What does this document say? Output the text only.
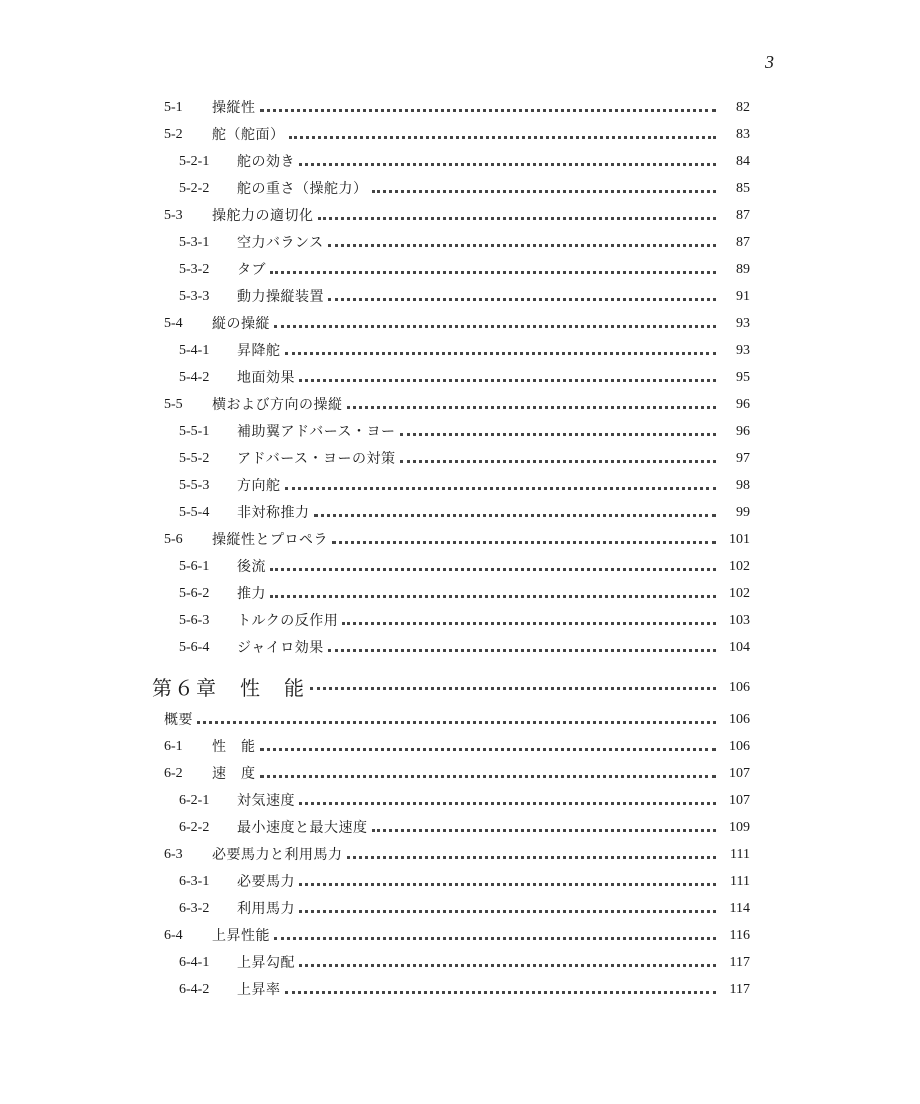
3
5-1	操縦性	82
5-2	舵（舵面）	83
5-2-1	舵の効き	84
5-2-2	舵の重さ（操舵力）	85
5-3	操舵力の適切化	87
5-3-1	空力バランス	87
5-3-2	タブ	89
5-3-3	動力操縦装置	91
5-4	縦の操縦	93
5-4-1	昇降舵	93
5-4-2	地面効果	95
5-5	横および方向の操縦	96
5-5-1	補助翼アドバース・ヨー	96
5-5-2	アドバース・ヨーの対策	97
5-5-3	方向舵	98
5-5-4	非対称推力	99
5-6	操縦性とプロペラ	101
5-6-1	後流	102
5-6-2	推力	102
5-6-3	トルクの反作用	103
5-6-4	ジャイロ効果	104
第６章　性　能	106
概要	106
6-1	性　能	106
6-2	速　度	107
6-2-1	対気速度	107
6-2-2	最小速度と最大速度	109
6-3	必要馬力と利用馬力	111
6-3-1	必要馬力	111
6-3-2	利用馬力	114
6-4	上昇性能	116
6-4-1	上昇勾配	117
6-4-2	上昇率	117
